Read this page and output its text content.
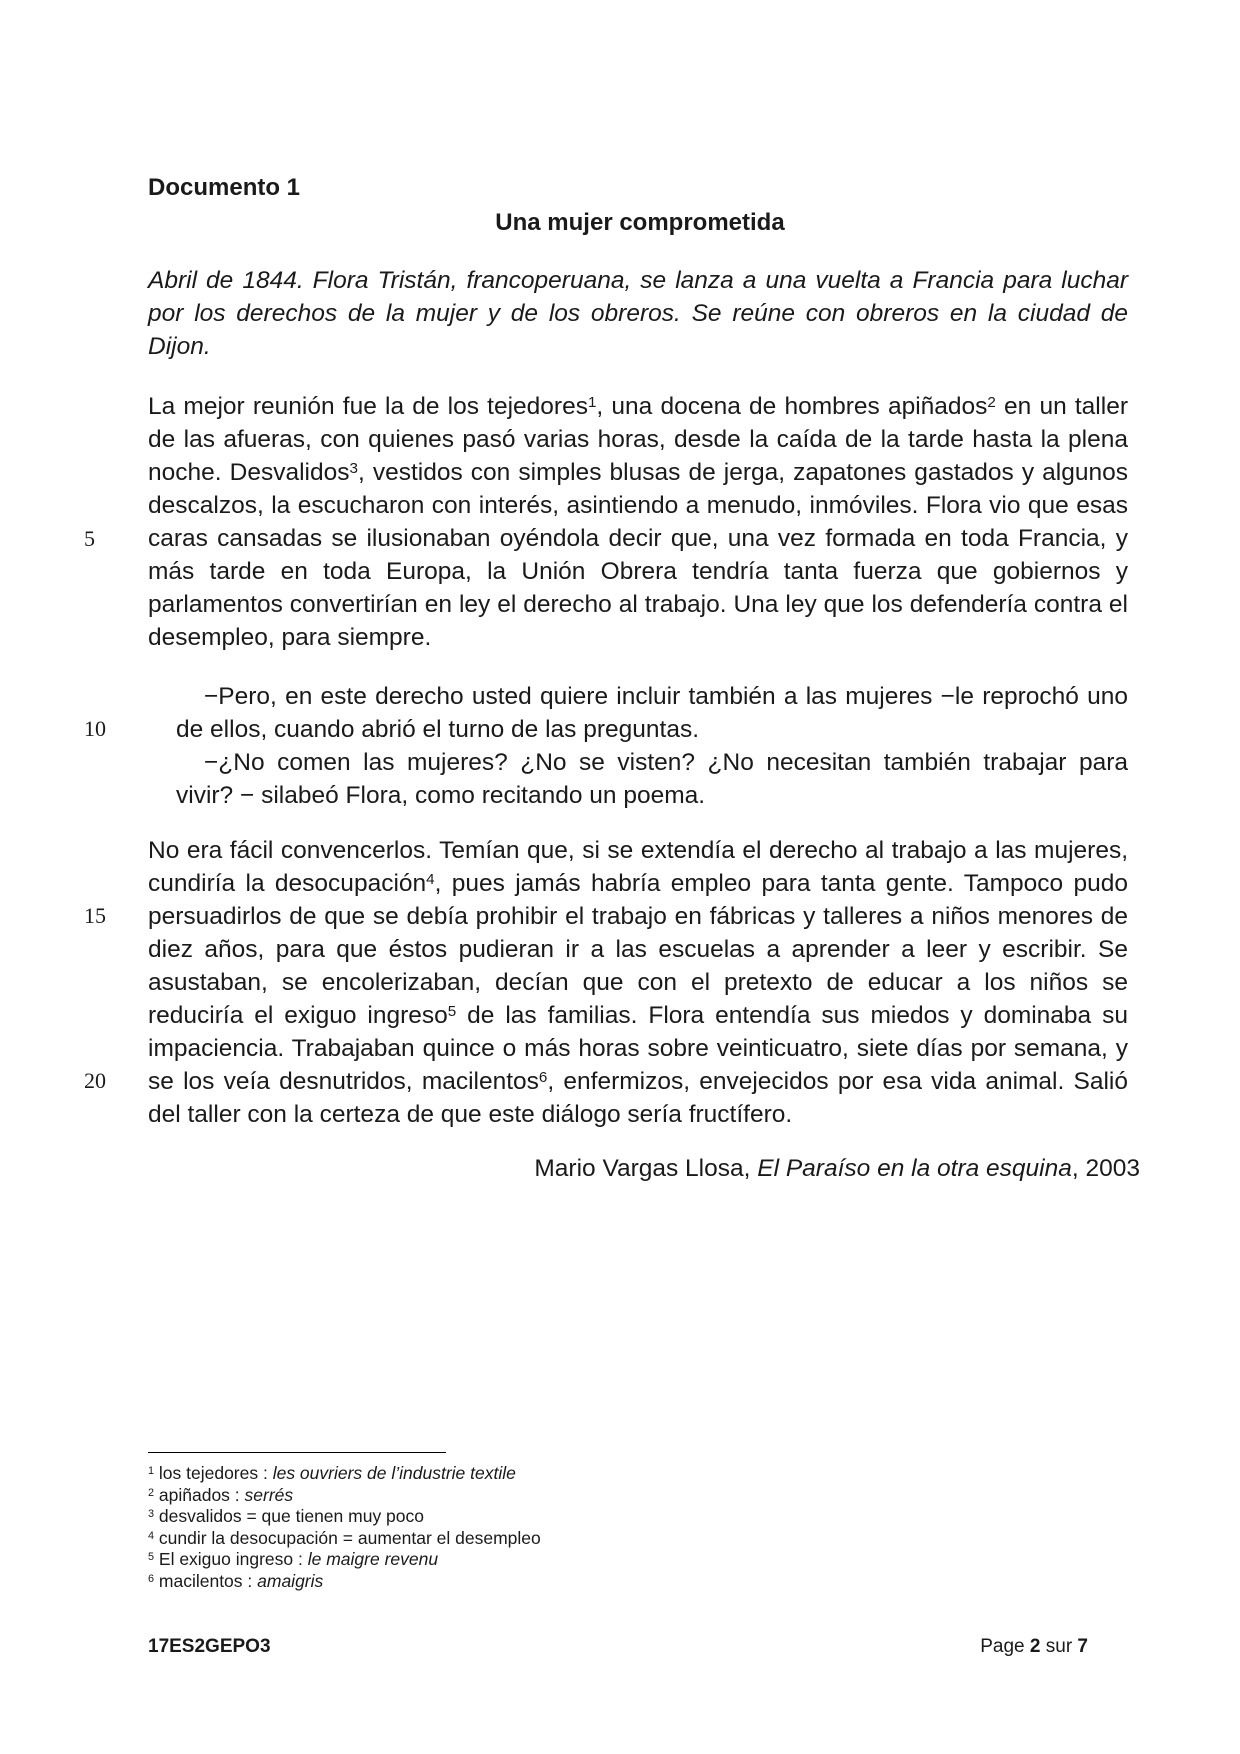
Documento 1
Una mujer comprometida
Abril de 1844. Flora Tristán, francoperuana, se lanza a una vuelta a Francia para luchar por los derechos de la mujer y de los obreros. Se reúne con obreros en la ciudad de Dijon.
La mejor reunión fue la de los tejedores$^1$, una docena de hombres apiñados$^2$ en un taller de las afueras, con quienes pasó varias horas, desde la caída de la tarde hasta la plena noche. Desvalidos$^3$, vestidos con simples blusas de jerga, zapatones gastados y algunos descalzos, la escucharon con interés, asintiendo a menudo, inmóviles. Flora vio que esas caras cansadas se ilusionaban oyéndola decir que, una vez formada en toda Francia, y más tarde en toda Europa, la Unión Obrera tendría tanta fuerza que gobiernos y parlamentos convertirían en ley el derecho al trabajo. Una ley que los defendería contra el desempleo, para siempre.

−Pero, en este derecho usted quiere incluir también a las mujeres −le reprochó uno de ellos, cuando abrió el turno de las preguntas.

−¿No comen las mujeres? ¿No se visten? ¿No necesitan también trabajar para vivir? − silabeó Flora, como recitando un poema.

No era fácil convencerlos. Temían que, si se extendía el derecho al trabajo a las mujeres, cundiría la desocupación$^4$, pues jamás habría empleo para tanta gente. Tampoco pudo persuadirlos de que se debía prohibir el trabajo en fábricas y talleres a niños menores de diez años, para que éstos pudieran ir a las escuelas a aprender a leer y escribir. Se asustaban, se encolerizaban, decían que con el pretexto de educar a los niños se reduciría el exiguo ingreso$^5$ de las familias. Flora entendía sus miedos y dominaba su impaciencia. Trabajaban quince o más horas sobre veinticuatro, siete días por semana, y se los veía desnutridos, macilentos$^6$, enfermizos, envejecidos por esa vida animal. Salió del taller con la certeza de que este diálogo sería fructífero.
5
10
15
20
Mario Vargas Llosa, El Paraíso en la otra esquina, 2003
$^1$ los tejedores : les ouvriers de l’industrie textile
$^2$ apiñados : serrés
$^3$ desvalidos = que tienen muy poco
$^4$ cundir la desocupación = aumentar el desempleo
$^5$ El exiguo ingreso : le maigre revenu
$^6$ macilentos : amaigris
17ES2GEPO3	Page 2 sur 7
